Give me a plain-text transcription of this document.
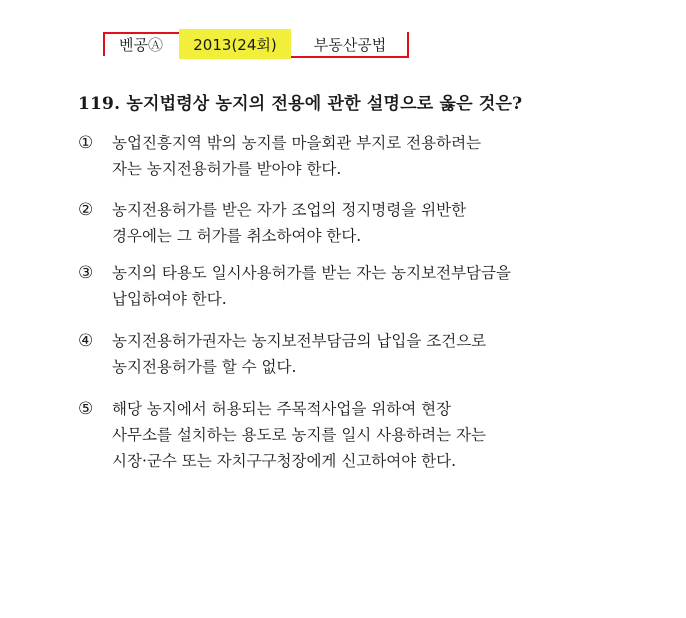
벤공Ⓐ	2013(24회)	부동산공법
119. 농지법령상 농지의 전용에 관한 설명으로 옳은 것은?
①	농업진흥지역 밖의 농지를 마을회관 부지로 전용하려는
자는 농지전용허가를 받아야 한다.
②	농지전용허가를 받은 자가 조업의 정지명령을 위반한
경우에는 그 허가를 취소하여야 한다.
③	농지의 타용도 일시사용허가를 받는 자는 농지보전부담금을
납입하여야 한다.
④	농지전용허가권자는 농지보전부담금의 납입을 조건으로
농지전용허가를 할 수 없다.
⑤	해당 농지에서 허용되는 주목적사업을 위하여 현장
사무소를 설치하는 용도로 농지를 일시 사용하려는 자는
시장·군수 또는 자치구구청장에게 신고하여야 한다.
